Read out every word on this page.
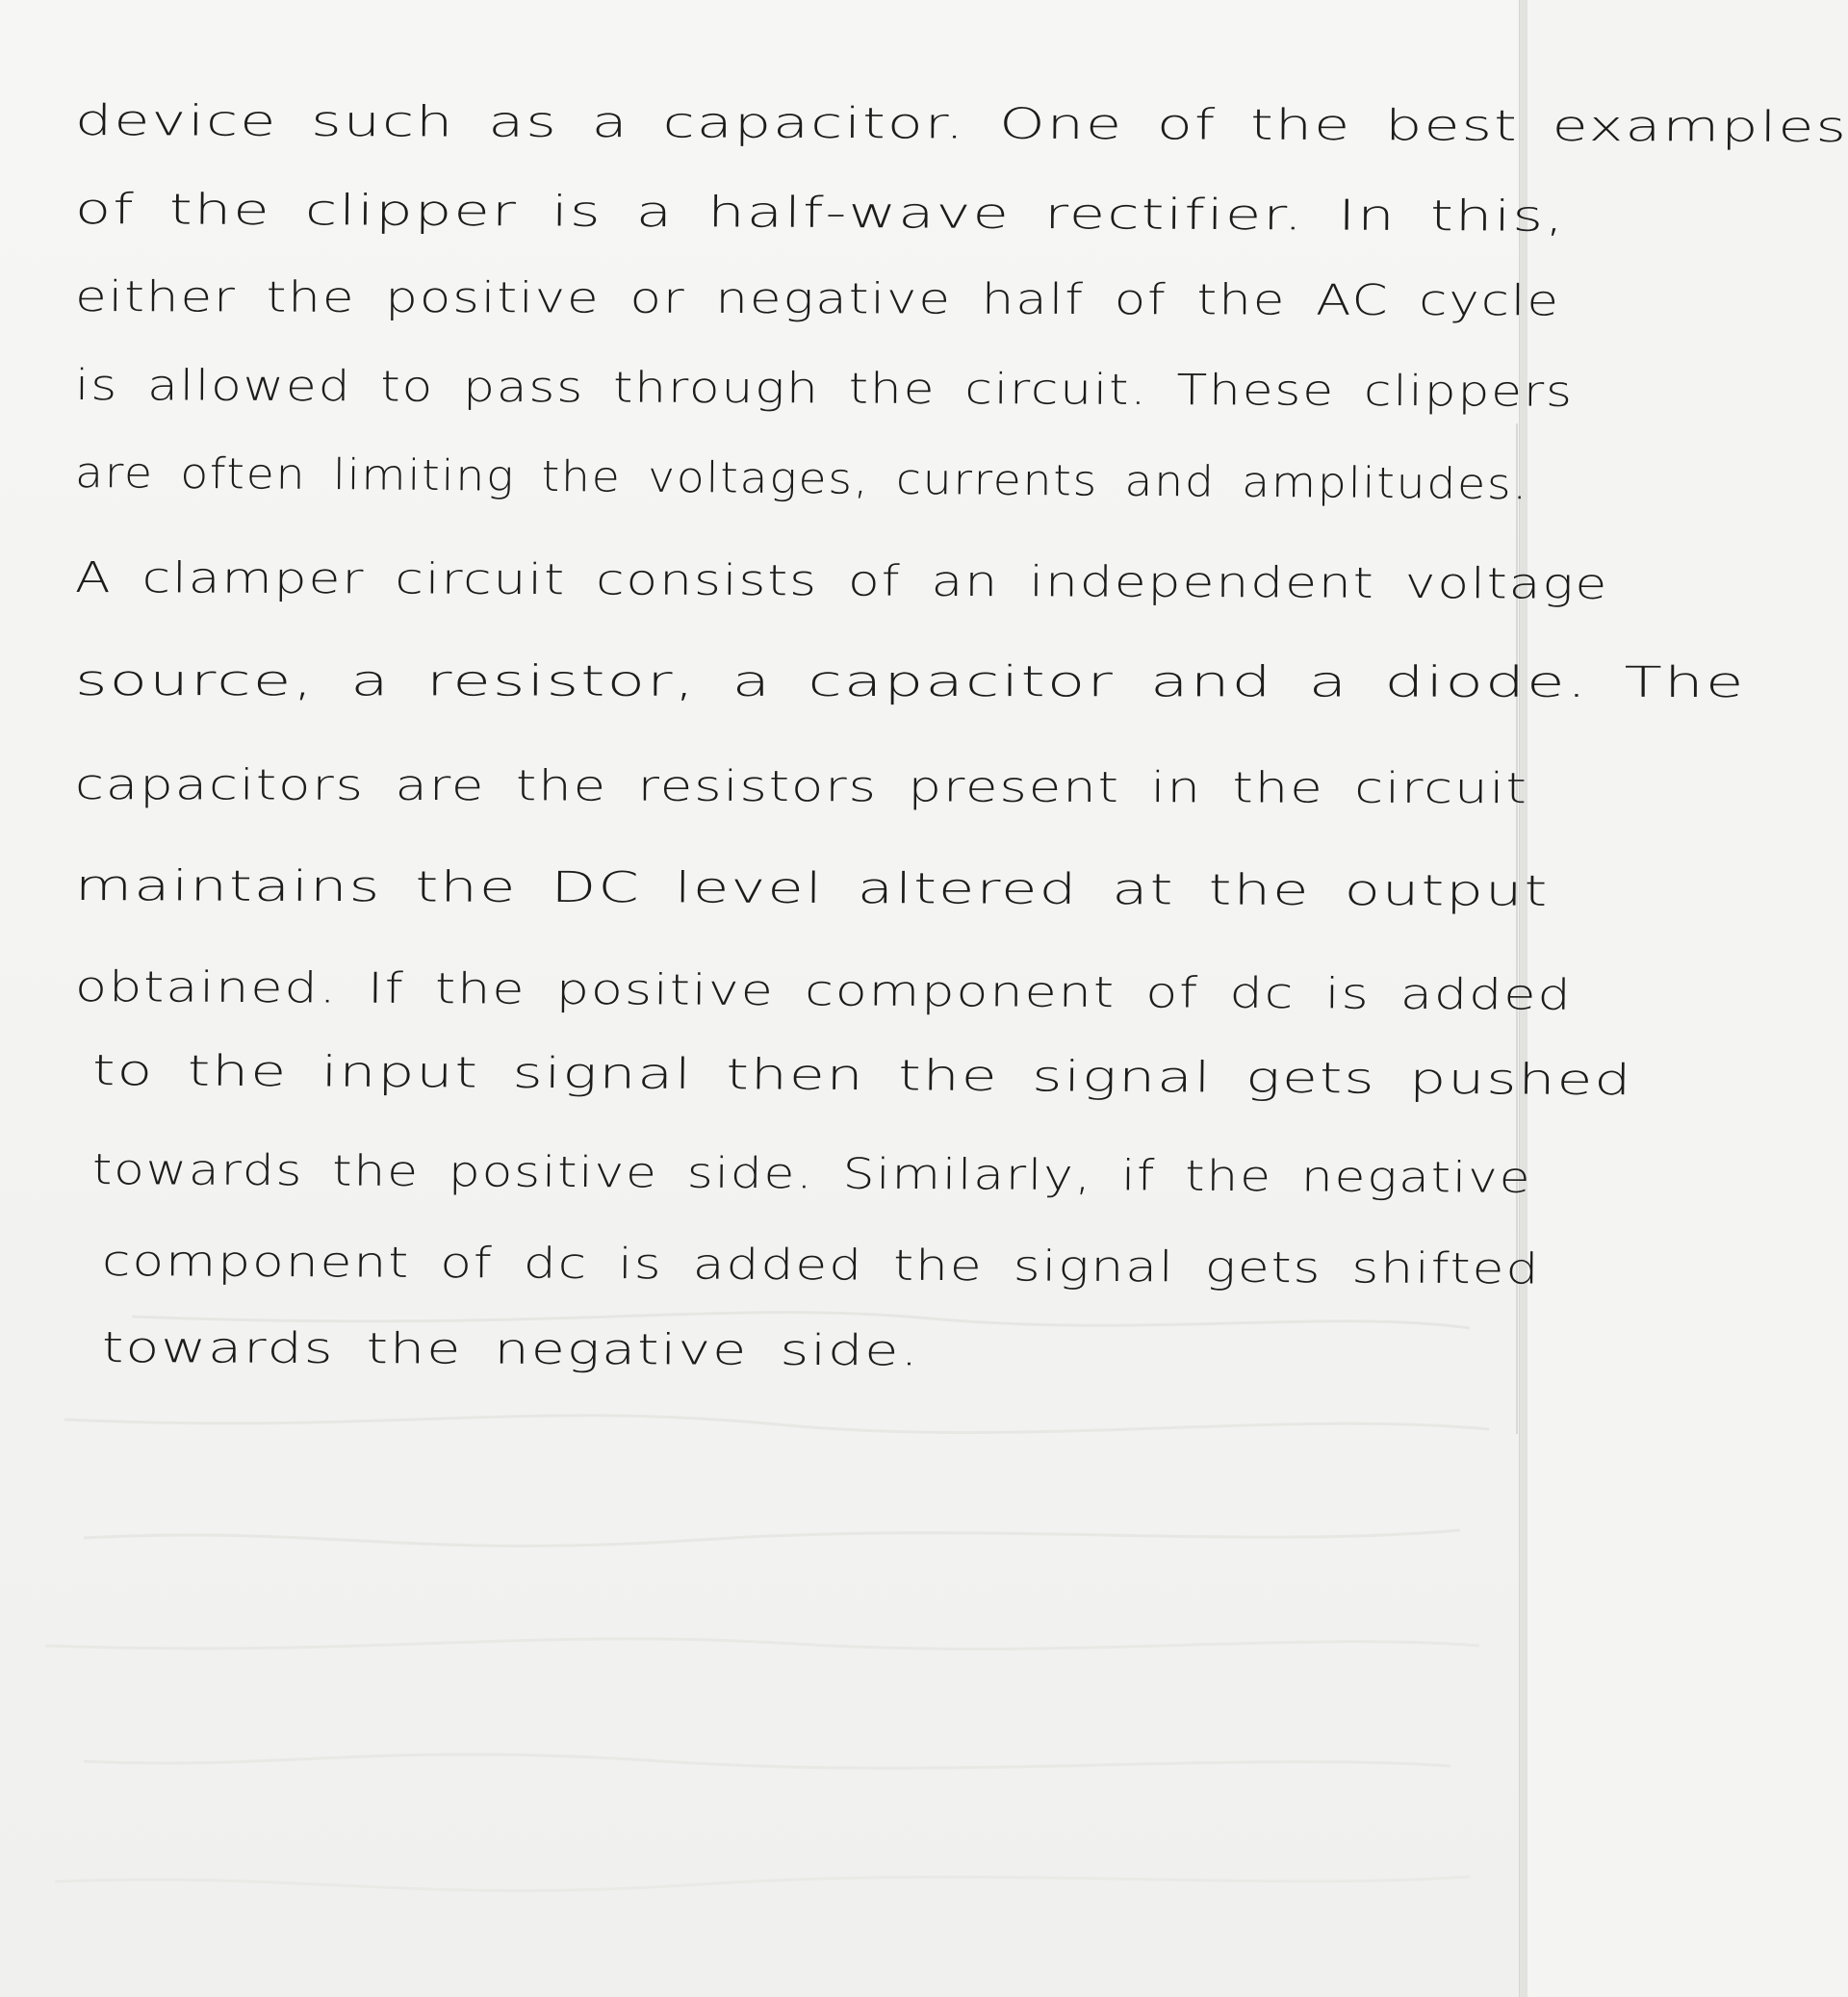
device such as a capacitor. One of the best examples
of the clipper is a half-wave rectifier. In this,
either the positive or negative half of the AC cycle
is allowed to pass through the circuit. These clippers
are often limiting the voltages, currents and amplitudes.
A clamper circuit consists of an independent voltage
source, a resistor, a capacitor and a diode. The
capacitors are the resistors present in the circuit
maintains the DC level altered at the output
obtained. If the positive component of dc is added
to the input signal then the signal gets pushed
towards the positive side. Similarly, if the negative
component of dc is added the signal gets shifted
towards the negative side.
